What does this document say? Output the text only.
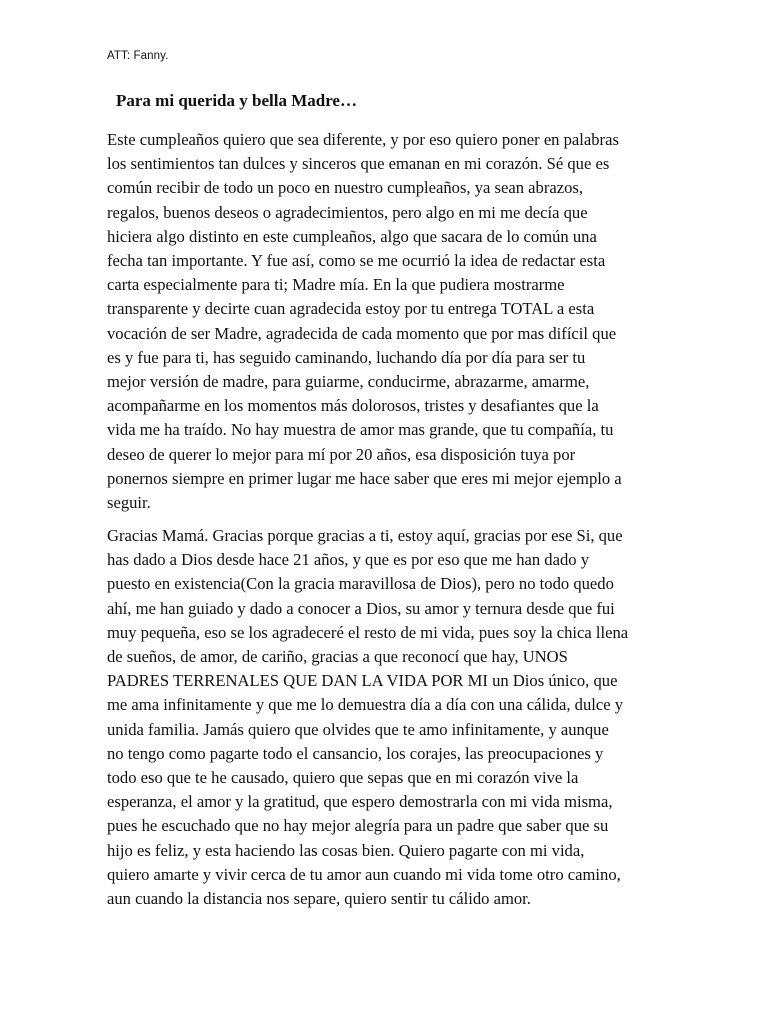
ATT: Fanny.
Para mi querida y bella Madre…

Este cumpleaños quiero que sea diferente, y por eso quiero poner en palabras
los sentimientos tan dulces y sinceros que emanan en mi corazón. Sé que es
común recibir de todo un poco en nuestro cumpleaños, ya sean abrazos,
regalos, buenos deseos o agradecimientos, pero algo en mi me decía que
hiciera algo distinto en este cumpleaños, algo que sacara de lo común una
fecha tan importante. Y fue así, como se me ocurrió la idea de redactar esta
carta especialmente para ti; Madre mía. En la que pudiera mostrarme
transparente y decirte cuan agradecida estoy por tu entrega TOTAL a esta
vocación de ser Madre, agradecida de cada momento que por mas difícil que
es y fue para ti, has seguido caminando, luchando día por día para ser tu
mejor versión de madre, para guiarme, conducirme, abrazarme, amarme,
acompañarme en los momentos más dolorosos, tristes y desafiantes que la
vida me ha traído. No hay muestra de amor mas grande, que tu compañía, tu
deseo de querer lo mejor para mí por 20 años, esa disposición tuya por
ponernos siempre en primer lugar me hace saber que eres mi mejor ejemplo a
seguir.

Gracias Mamá. Gracias porque gracias a ti, estoy aquí, gracias por ese Si, que
has dado a Dios desde hace 21 años, y que es por eso que me han dado y
puesto en existencia(Con la gracia maravillosa de Dios), pero no todo quedo
ahí, me han guiado y dado a conocer a Dios, su amor y ternura desde que fui
muy pequeña, eso se los agradeceré el resto de mi vida, pues soy la chica llena
de sueños, de amor, de cariño, gracias a que reconocí que hay, UNOS
PADRES TERRENALES QUE DAN LA VIDA POR MI un Dios único, que
me ama infinitamente y que me lo demuestra día a día con una cálida, dulce y
unida familia. Jamás quiero que olvides que te amo infinitamente, y aunque
no tengo como pagarte todo el cansancio, los corajes, las preocupaciones y
todo eso que te he causado, quiero que sepas que en mi corazón vive la
esperanza, el amor y la gratitud, que espero demostrarla con mi vida misma,
pues he escuchado que no hay mejor alegría para un padre que saber que su
hijo es feliz, y esta haciendo las cosas bien. Quiero pagarte con mi vida,
quiero amarte y vivir cerca de tu amor aun cuando mi vida tome otro camino,
aun cuando la distancia nos separe, quiero sentir tu cálido amor.
